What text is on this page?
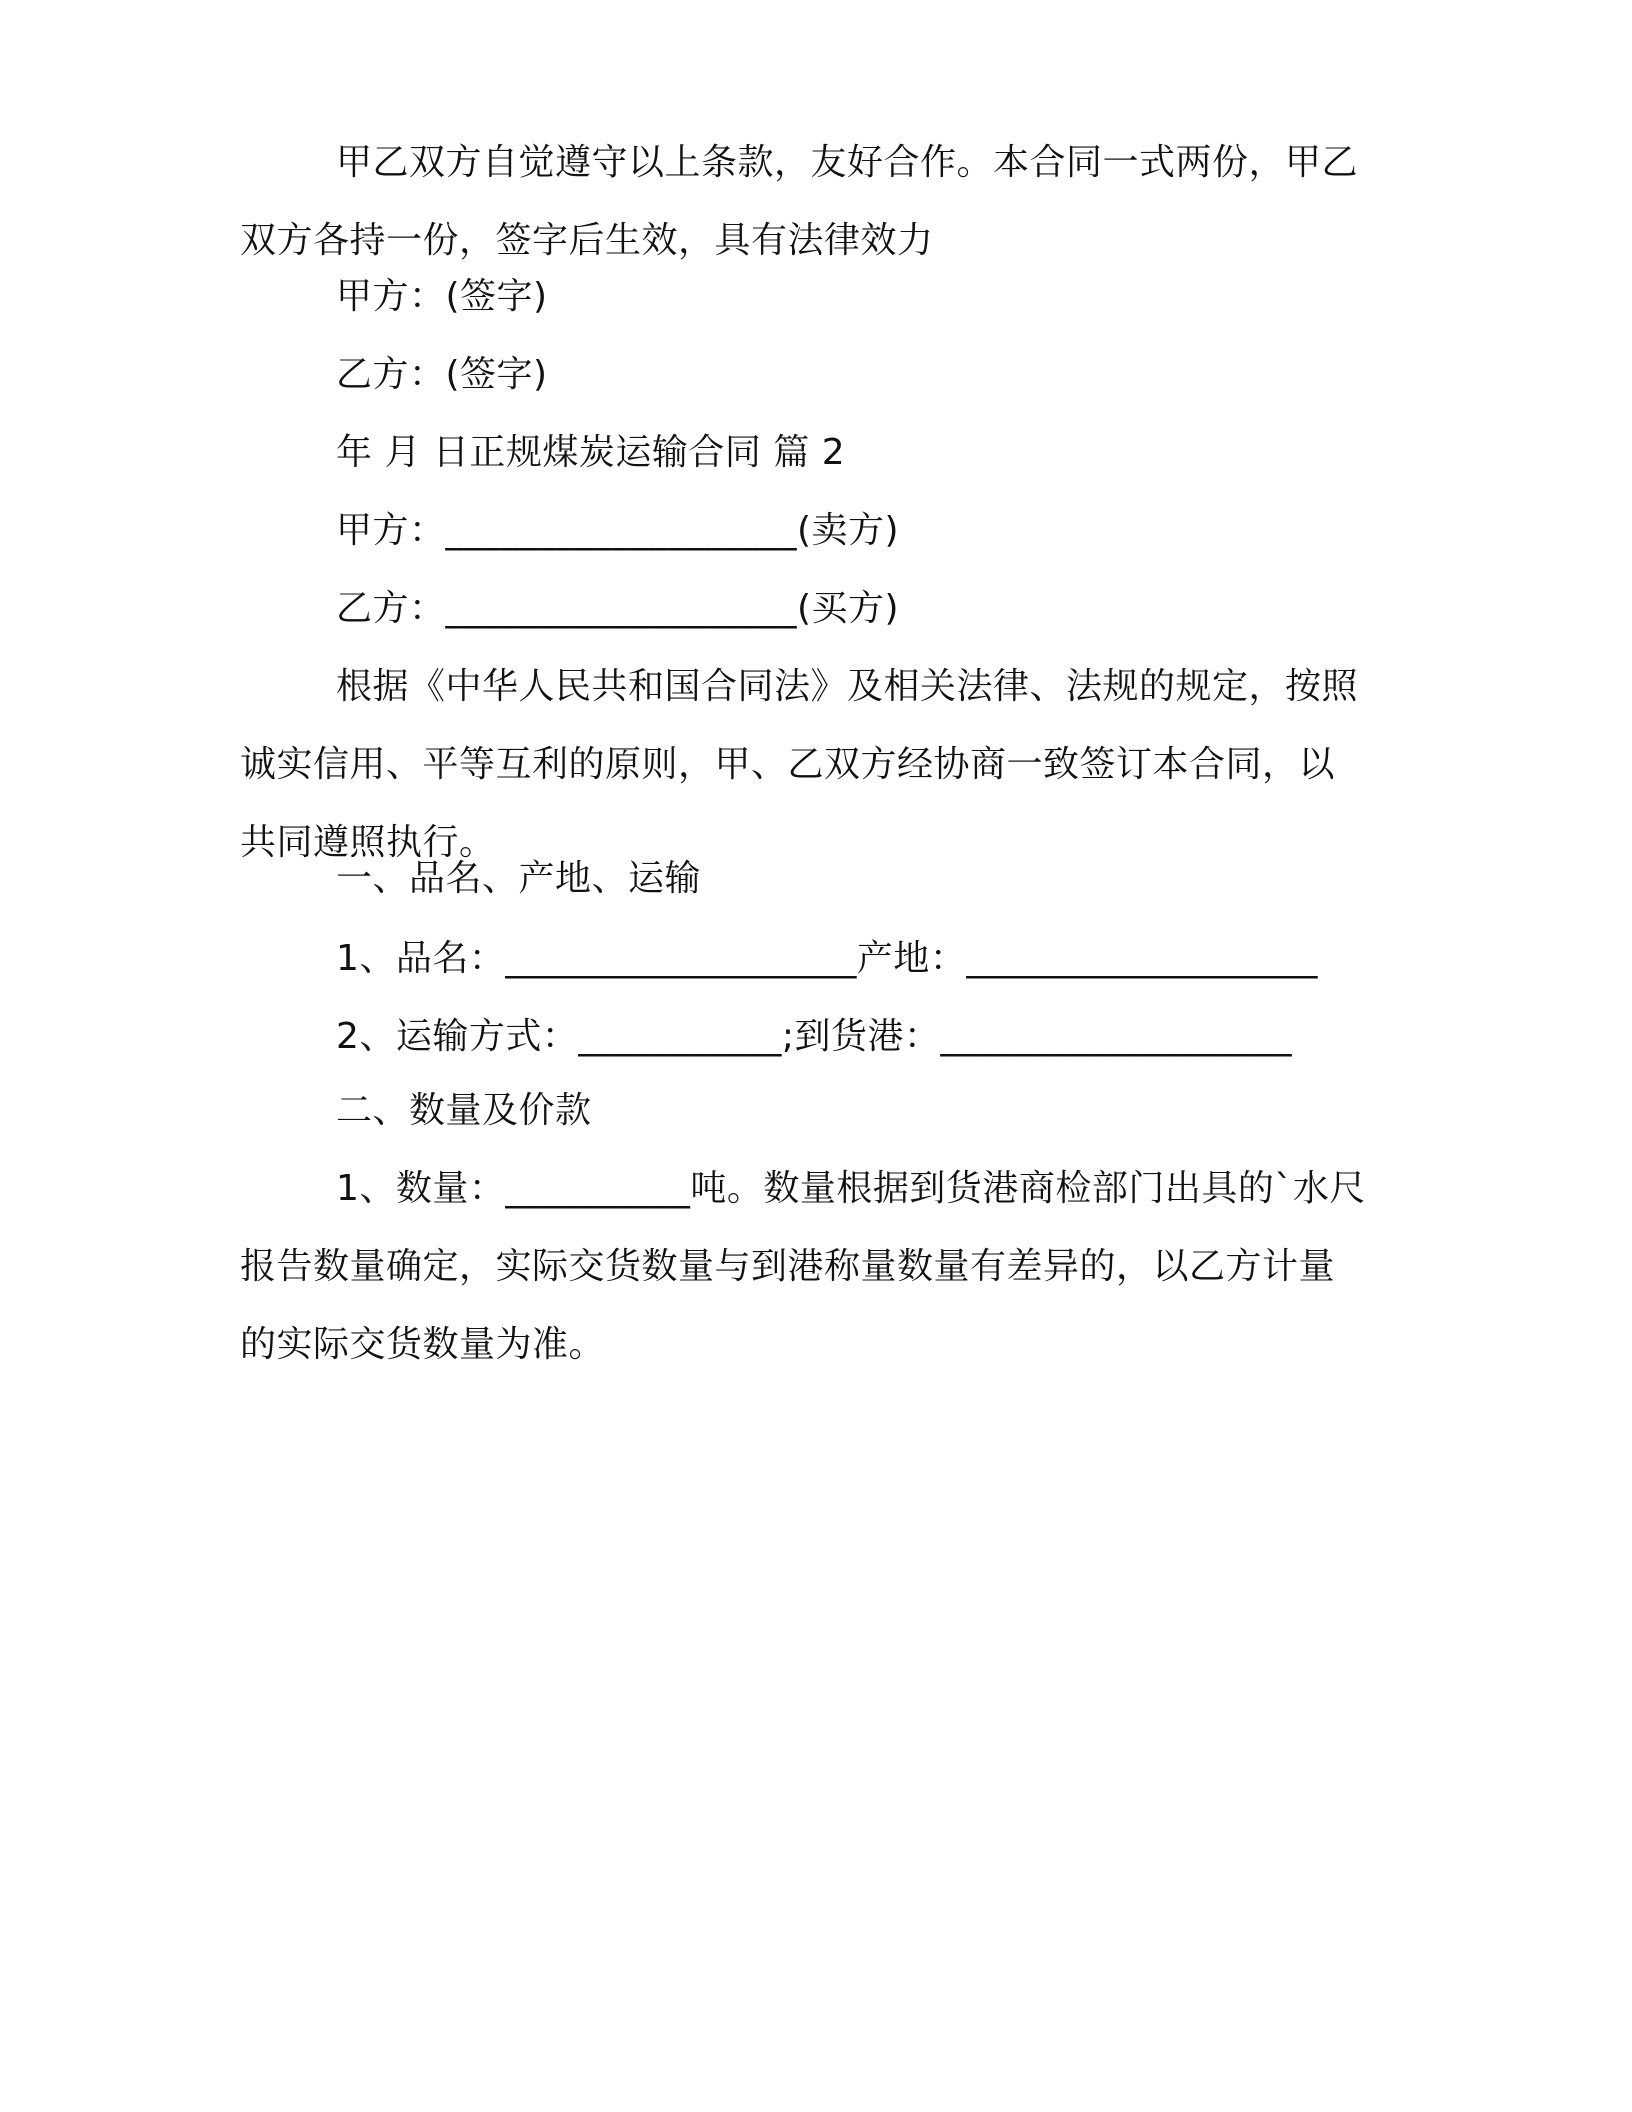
甲乙双方自觉遵守以上条款，友好合作。本合同一式两份，甲乙
双方各持一份，签字后生效，具有法律效力
甲方：(签字)
乙方：(签字)
年 月 日正规煤炭运输合同 篇 2
甲方：___________________(卖方)
乙方：___________________(买方)
根据《中华人民共和国合同法》及相关法律、法规的规定，按照
诚实信用、平等互利的原则，甲、乙双方经协商一致签订本合同，以
共同遵照执行。
一、品名、产地、运输
1、品名：___________________产地：___________________
2、运输方式：___________;到货港：___________________
二、数量及价款
1、数量：__________吨。数量根据到货港商检部门出具的`水尺
报告数量确定，实际交货数量与到港称量数量有差异的，以乙方计量
的实际交货数量为准。
